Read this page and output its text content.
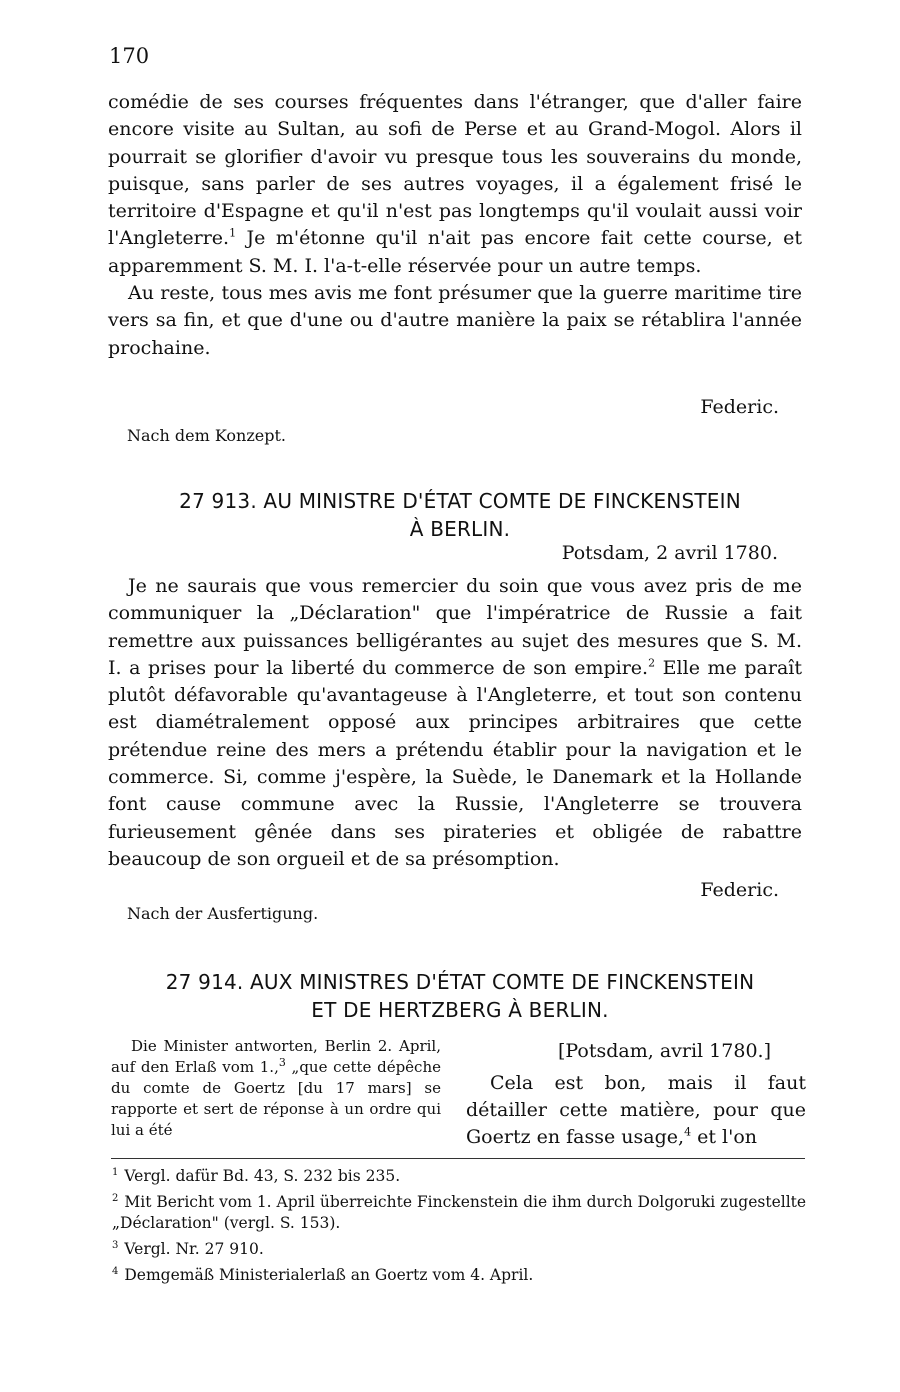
170

comédie de ses courses fréquentes dans l'étranger, que d'aller faire encore visite au Sultan, au sofi de Perse et au Grand-Mogol. Alors il pourrait se glorifier d'avoir vu presque tous les souverains du monde, puisque, sans parler de ses autres voyages, il a également frisé le territoire d'Espagne et qu'il n'est pas longtemps qu'il voulait aussi voir l'Angleterre.$^1$ Je m'étonne qu'il n'ait pas encore fait cette course, et apparemment S. M. I. l'a-t-elle réservée pour un autre temps.

Au reste, tous mes avis me font présumer que la guerre maritime tire vers sa fin, et que d'une ou d'autre manière la paix se rétablira l'année prochaine.

Federic.
Nach dem Konzept.
27 913. AU MINISTRE D'ÉTAT COMTE DE FINCKENSTEIN
À BERLIN.
Potsdam, 2 avril 1780.

Je ne saurais que vous remercier du soin que vous avez pris de me communiquer la „Déclaration" que l'impératrice de Russie a fait remettre aux puissances belligérantes au sujet des mesures que S. M. I. a prises pour la liberté du commerce de son empire.$^2$ Elle me paraît plutôt défavorable qu'avantageuse à l'Angleterre, et tout son contenu est diamétralement opposé aux principes arbitraires que cette prétendue reine des mers a prétendu établir pour la navigation et le commerce. Si, comme j'espère, la Suède, le Danemark et la Hollande font cause commune avec la Russie, l'Angleterre se trouvera furieusement gênée dans ses pirateries et obligée de rabattre beaucoup de son orgueil et de sa présomption.

Federic.
Nach der Ausfertigung.
27 914. AUX MINISTRES D'ÉTAT COMTE DE FINCKENSTEIN
ET DE HERTZBERG À BERLIN.

Die Minister antworten, Berlin 2. April, auf den Erlaß vom 1.,$^3$ „que cette dépêche du comte de Goertz [du 17 mars] se rapporte et sert de réponse à un ordre qui lui a été

[Potsdam, avril 1780.]

Cela est bon, mais il faut détailler cette matière, pour que Goertz en fasse usage,$^4$ et l'on

$^1$ Vergl. dafür Bd. 43, S. 232 bis 235.

$^2$ Mit Bericht vom 1. April überreichte Finckenstein die ihm durch Dolgoruki zugestellte „Déclaration" (vergl. S. 153).

$^3$ Vergl. Nr. 27 910.

$^4$ Demgemäß Ministerialerlaß an Goertz vom 4. April.
